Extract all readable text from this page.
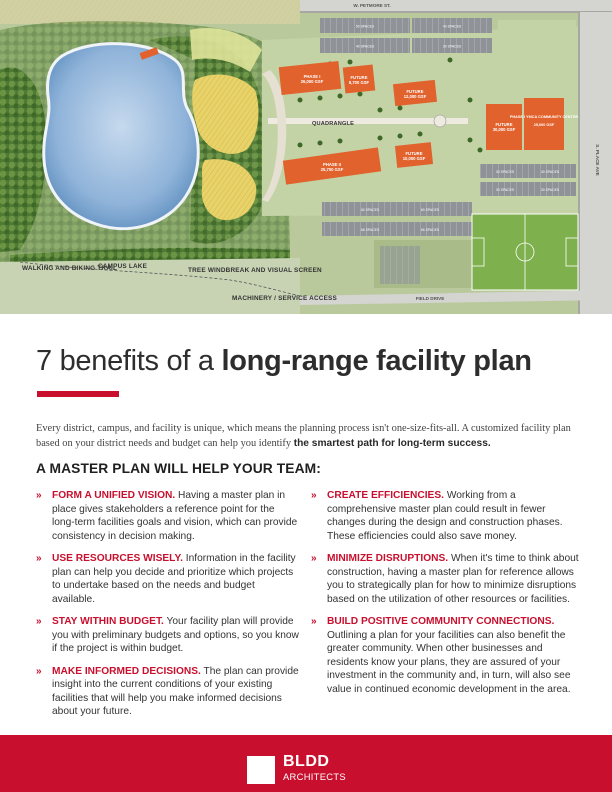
W. PETMORE ST.
S. PLACE AVE
FIELD DRIVE
50 SPACES	40 SPACES
40 SPACES	30 SPACES
30 SPACES	40 SPACES
30 SPACES	30 SPACES
60 SPACES	60 SPACES
66 SPACES	66 SPACES
QUADRANGLE
PHASE I
26,000 GSF
FUTURE
8,700 GSF
FUTURE
12,000 GSF
PHASE II
25,700 GSF
FUTURE
10,000 GSF
FUTURE
30,000 GSF
PHASE I YMCA COMMUNITY CENTER
25,000 GSF
WALKING AND BIKING TRAIL
CAMPUS LAKE
TREE WINDBREAK AND VISUAL SCREEN
MACHINERY / SERVICE ACCESS
7 benefits of a long-range facility plan

Every district, campus, and facility is unique, which means the planning process isn't one-size-fits-all. A customized facility plan based on your district needs and budget can help you identify the smartest path for long-term success.

A MASTER PLAN WILL HELP YOUR TEAM:
» FORM A UNIFIED VISION. Having a master plan in place gives stakeholders a reference point for the long-term facilities goals and vision, which can provide consistency in decision making.
» USE RESOURCES WISELY. Information in the facility plan can help you decide and prioritize which projects to undertake based on the needs and budget available.
» STAY WITHIN BUDGET. Your facility plan will provide you with preliminary budgets and options, so you know if the project is within budget.
» MAKE INFORMED DECISIONS. The plan can provide insight into the current conditions of your existing facilities that will help you make informed decisions about your future.
» CREATE EFFICIENCIES. Working from a comprehensive master plan could result in fewer changes during the design and construction phases. These efficiencies could also save money.
» MINIMIZE DISRUPTIONS. When it's time to think about construction, having a master plan for reference allows you to strategically plan for how to minimize disruptions based on the utilization of other resources or facilities.
» BUILD POSITIVE COMMUNITY CONNECTIONS. Outlining a plan for your facilities can also benefit the greater community. When other businesses and residents know your plans, they are assured of your investment in the community and, in turn, will also see value in continued economic development in the area.
BLDD
ARCHITECTS
